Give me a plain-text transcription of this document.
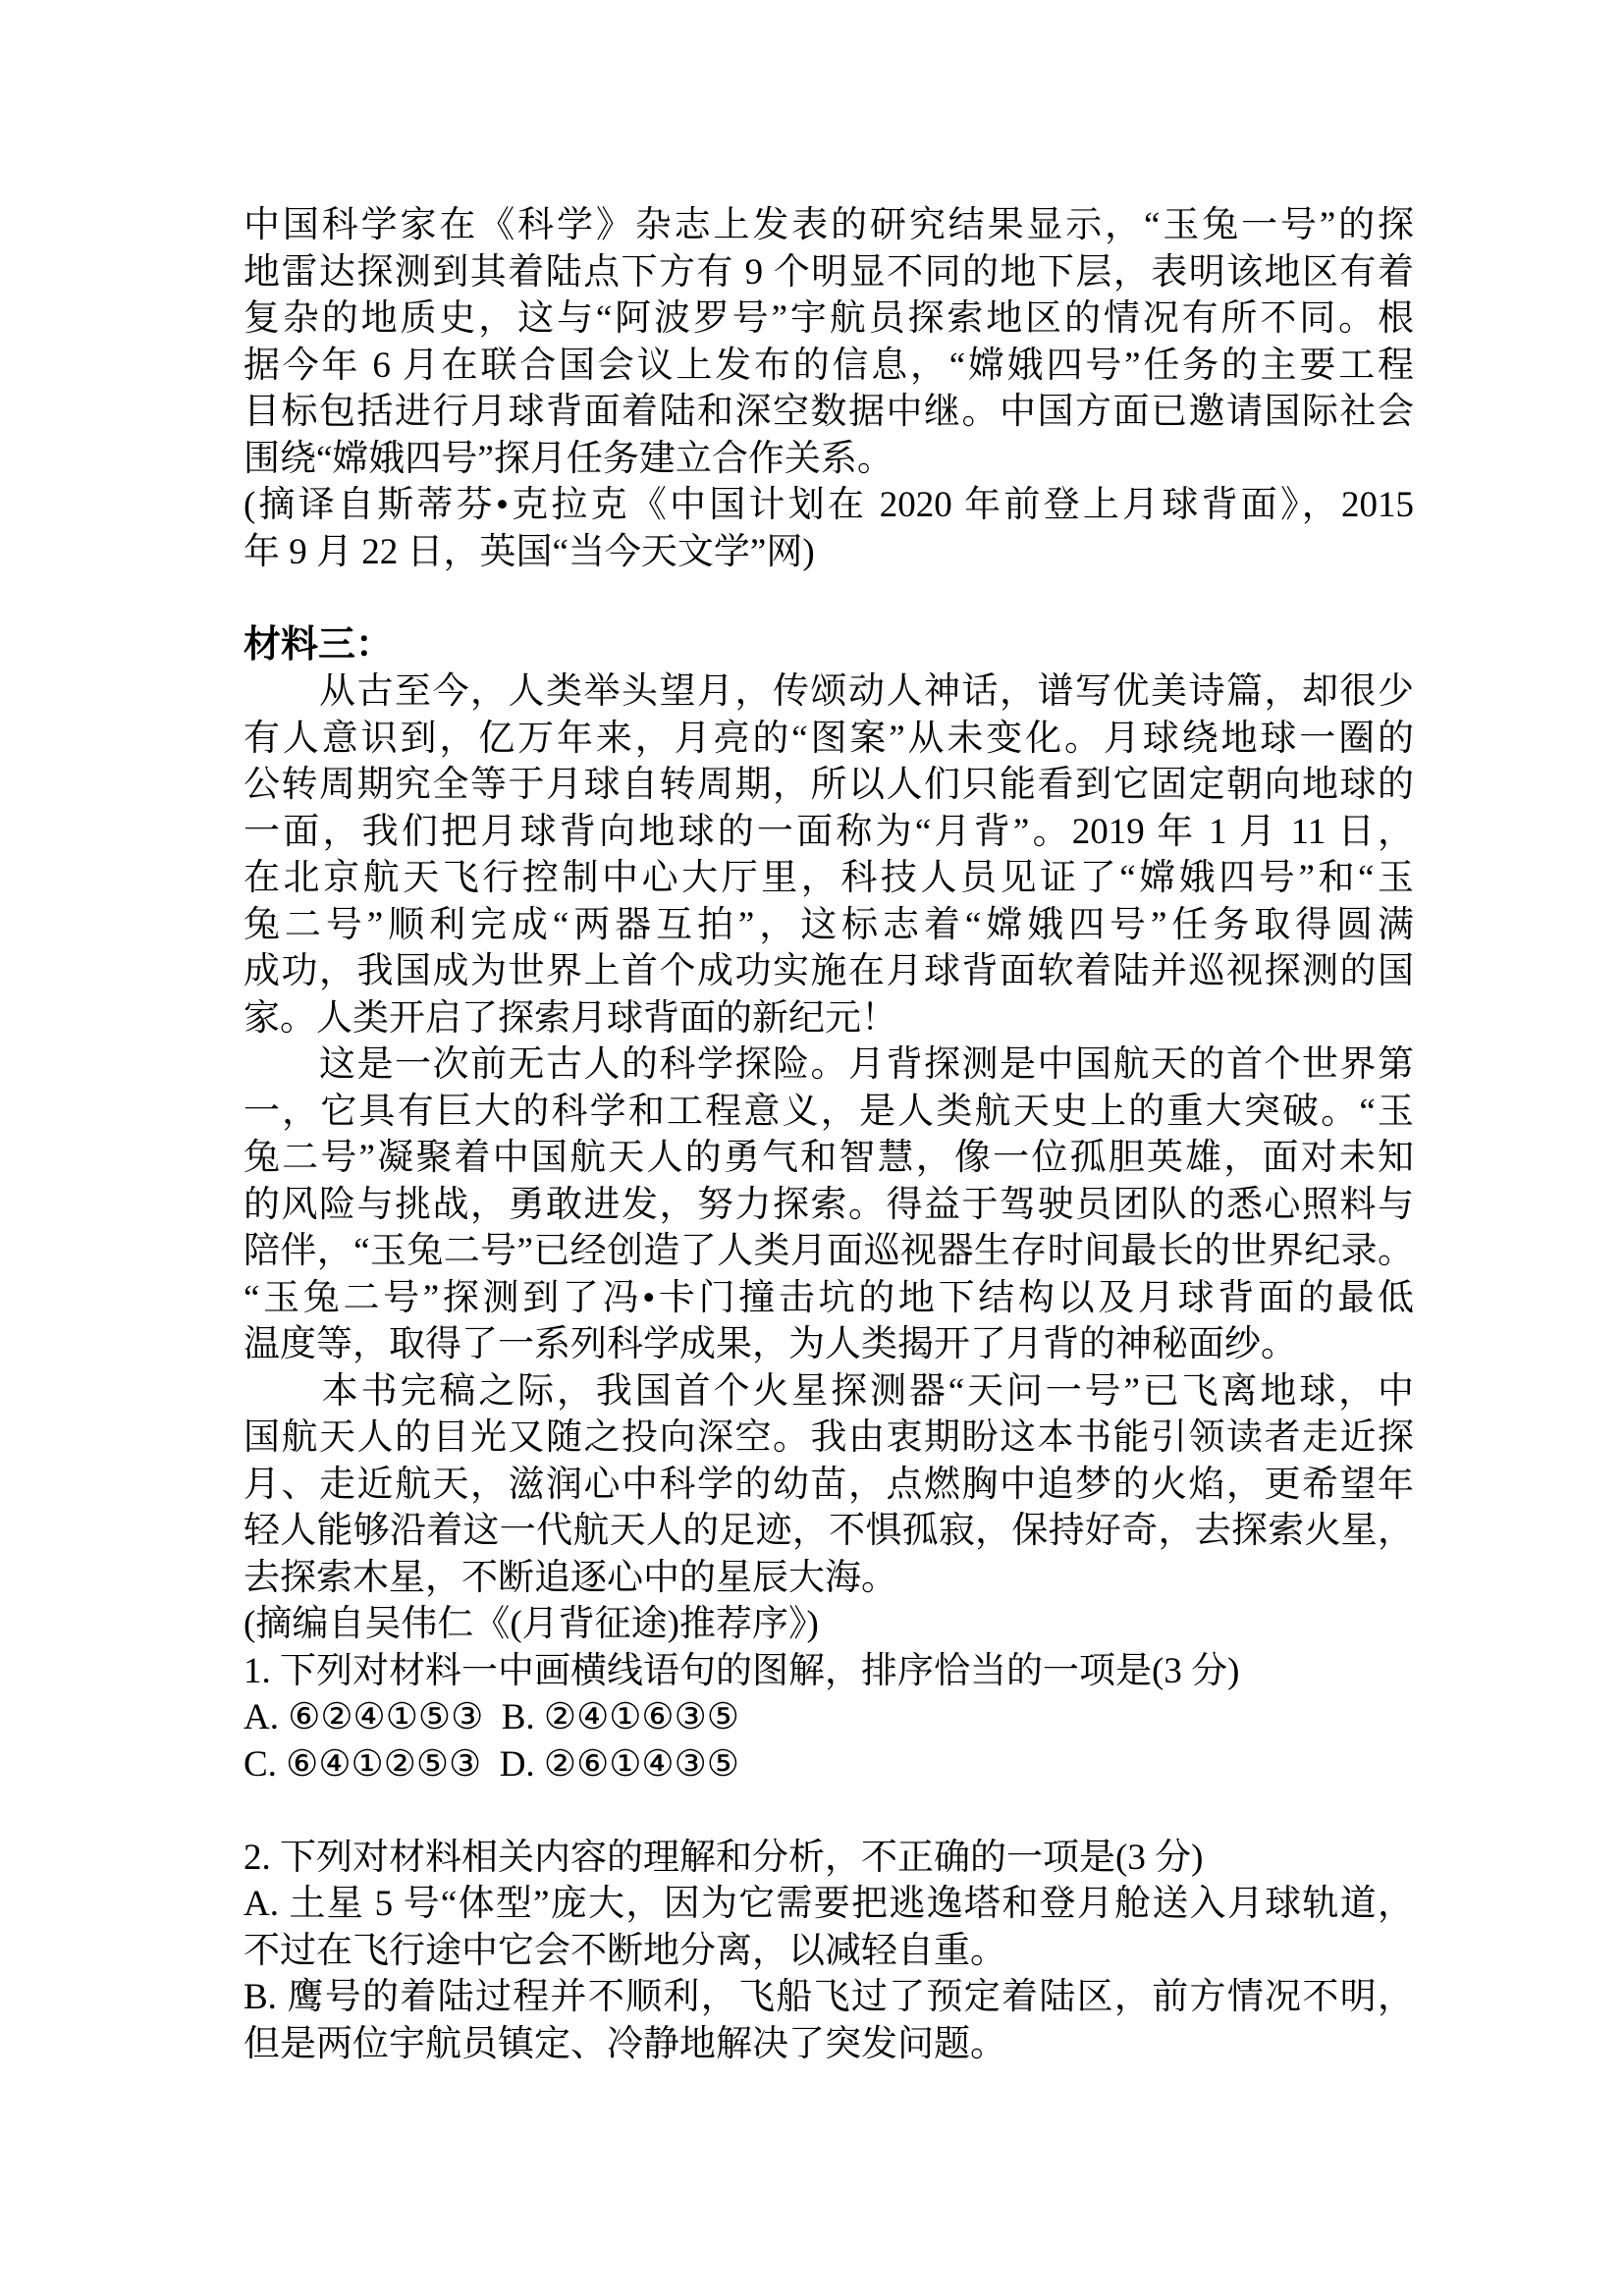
中国科学家在《科学》杂志上发表的研究结果显示，“玉兔一号”的探
地雷达探测到其着陆点下方有 9 个明显不同的地下层，表明该地区有着
复杂的地质史，这与“阿波罗号”宇航员探索地区的情况有所不同。根
据今年 6 月在联合国会议上发布的信息，“嫦娥四号”任务的主要工程
目标包括进行月球背面着陆和深空数据中继。中国方面已邀请国际社会
围绕“嫦娥四号”探月任务建立合作关系。
(摘译自斯蒂芬•克拉克《中国计划在 2020 年前登上月球背面》，2015
年 9 月 22 日，英国“当今天文学”网)
材料三：
　　从古至今，人类举头望月，传颂动人神话，谱写优美诗篇，却很少
有人意识到，亿万年来，月亮的“图案”从未变化。月球绕地球一圈的
公转周期究全等于月球自转周期，所以人们只能看到它固定朝向地球的
一面，我们把月球背向地球的一面称为“月背”。2019 年 1 月 11 日，
在北京航天飞行控制中心大厅里，科技人员见证了“嫦娥四号”和“玉
兔二号”顺利完成“两器互拍”，这标志着“嫦娥四号”任务取得圆满
成功，我国成为世界上首个成功实施在月球背面软着陆并巡视探测的国
家。人类开启了探索月球背面的新纪元！
　　这是一次前无古人的科学探险。月背探测是中国航天的首个世界第
一，它具有巨大的科学和工程意义，是人类航天史上的重大突破。“玉
兔二号”凝聚着中国航天人的勇气和智慧，像一位孤胆英雄，面对未知
的风险与挑战，勇敢进发，努力探索。得益于驾驶员团队的悉心照料与
陪伴，“玉兔二号”已经创造了人类月面巡视器生存时间最长的世界纪录。
“玉兔二号”探测到了冯•卡门撞击坑的地下结构以及月球背面的最低
温度等，取得了一系列科学成果，为人类揭开了月背的神秘面纱。
　　本书完稿之际，我国首个火星探测器“天问一号”已飞离地球，中
国航天人的目光又随之投向深空。我由衷期盼这本书能引领读者走近探
月、走近航天，滋润心中科学的幼苗，点燃胸中追梦的火焰，更希望年
轻人能够沿着这一代航天人的足迹，不惧孤寂，保持好奇，去探索火星，
去探索木星，不断追逐心中的星辰大海。
(摘编自吴伟仁《(月背征途)推荐序》)
1. 下列对材料一中画横线语句的图解，排序恰当的一项是(3 分)
A. ⑥②④①⑤③  B. ②④①⑥③⑤
C. ⑥④①②⑤③  D. ②⑥①④③⑤
2. 下列对材料相关内容的理解和分析，不正确的一项是(3 分)
A. 土星 5 号“体型”庞大，因为它需要把逃逸塔和登月舱送入月球轨道，
不过在飞行途中它会不断地分离，以减轻自重。
B. 鹰号的着陆过程并不顺利，飞船飞过了预定着陆区，前方情况不明，
但是两位宇航员镇定、冷静地解决了突发问题。
